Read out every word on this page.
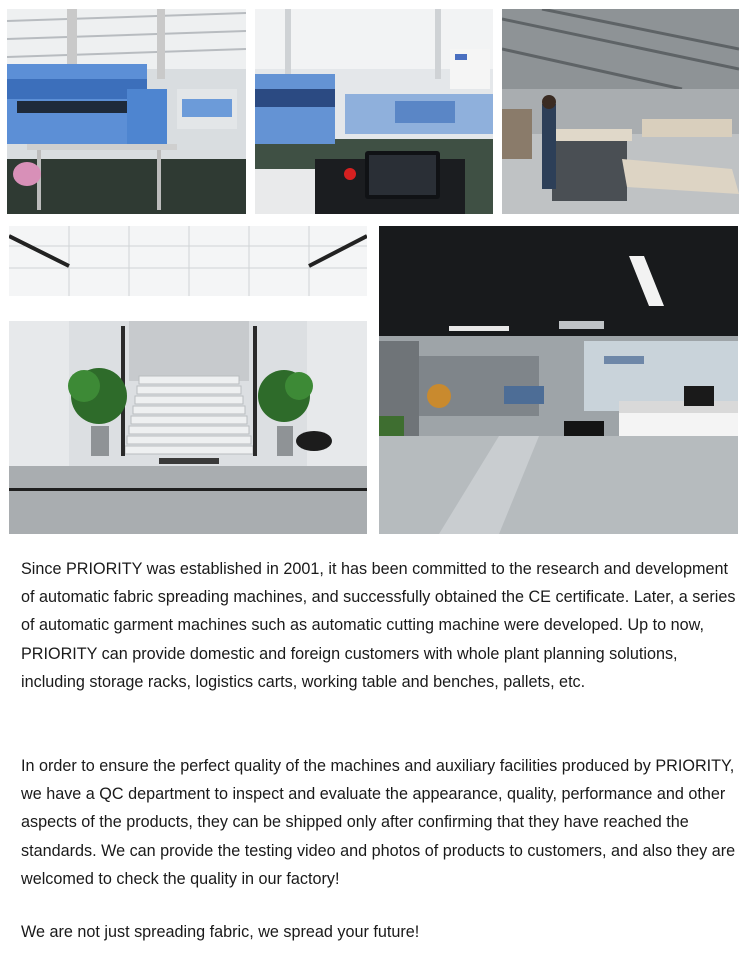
Since PRIORITY was established in 2001, it has been committed to the research and development of automatic fabric spreading machines, and successfully obtained the CE certificate. Later, a series of automatic garment machines such as automatic cutting machine were developed. Up to now, PRIORITY can provide domestic and foreign customers with whole plant planning solutions, including storage racks, logistics carts, working table and benches, pallets, etc.

In order to ensure the perfect quality of the machines and auxiliary facilities produced by PRIORITY, we have a QC department to inspect and evaluate the appearance, quality, performance and other aspects of the products, they can be shipped only after confirming that they have reached the standards. We can provide the testing video and photos of products to customers, and also they are welcomed to check the quality in our factory!

We are not just spreading fabric, we spread your future!
